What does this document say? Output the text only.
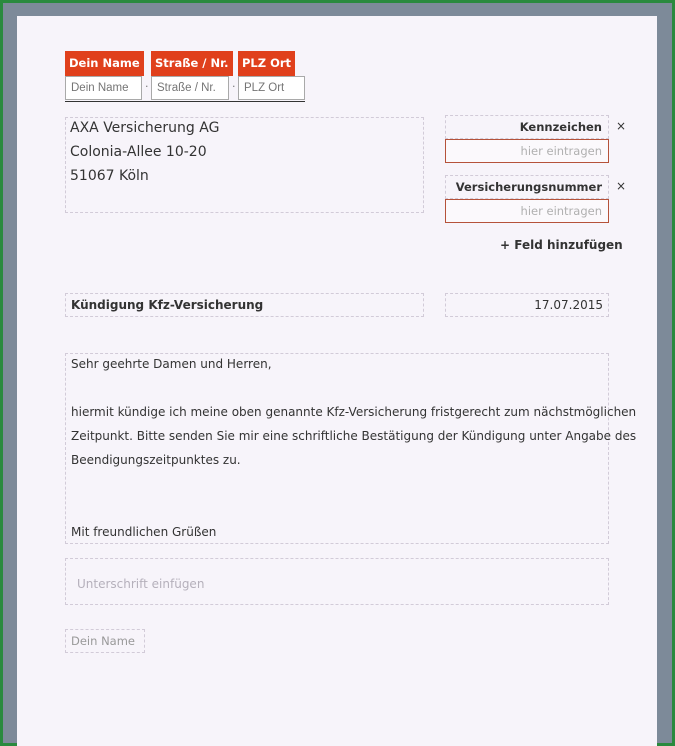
Dein Name	Straße / Nr.	PLZ Ort
Dein Name
·
Straße / Nr.	·
PLZ Ort
AXA Versicherung AG
Colonia-Allee 10-20
51067 Köln
Kennzeichen	×
hier eintragen
Versicherungsnummer	×
hier eintragen
+ Feld hinzufügen
Kündigung Kfz-Versicherung	17.07.2015
Sehr geehrte Damen und Herren,
hiermit kündige ich meine oben genannte Kfz-Versicherung fristgerecht zum nächstmöglichen
Zeitpunkt. Bitte senden Sie mir eine schriftliche Bestätigung der Kündigung unter Angabe des
Beendigungszeitpunktes zu.
Mit freundlichen Grüßen
Unterschrift einfügen
Dein Name
